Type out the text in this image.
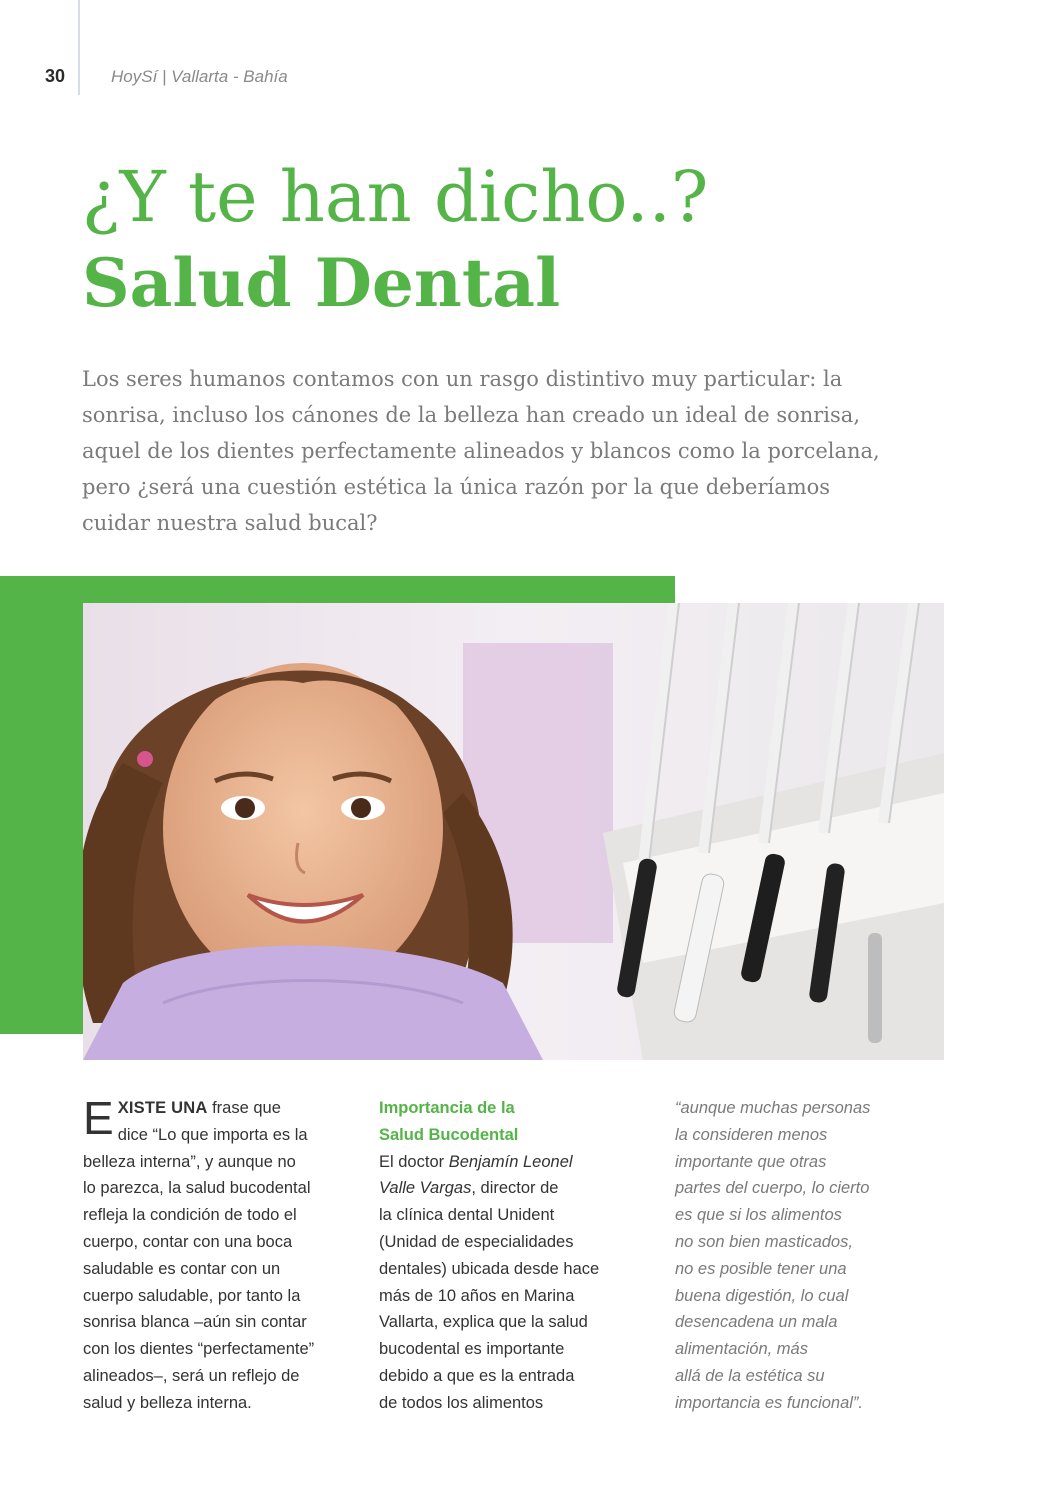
30	HoySí | Vallarta - Bahía
¿Y te han dicho..?
Salud Dental
Los seres humanos contamos con un rasgo distintivo muy particular: la
sonrisa, incluso los cánones de la belleza han creado un ideal de sonrisa,
aquel de los dientes perfectamente alineados y blancos como la porcelana,
pero ¿será una cuestión estética la única razón por la que deberíamos
cuidar nuestra salud bucal?
E XISTE UNA frase que
dice “Lo que importa es la
belleza interna”, y aunque no
lo parezca, la salud bucodental
refleja la condición de todo el
cuerpo, contar con una boca
saludable es contar con un
cuerpo saludable, por tanto la
sonrisa blanca –aún sin contar
con los dientes “perfectamente”
alineados–, será un reflejo de
salud y belleza interna.
Importancia de la
Salud Bucodental
El doctor Benjamín Leonel
Valle Vargas, director de
la clínica dental Unident
(Unidad de especialidades
dentales) ubicada desde hace
más de 10 años en Marina
Vallarta, explica que la salud
bucodental es importante
debido a que es la entrada
de todos los alimentos
“aunque muchas personas
la consideren menos
importante que otras
partes del cuerpo, lo cierto
es que si los alimentos
no son bien masticados,
no es posible tener una
buena digestión, lo cual
desencadena un mala
alimentación, más
allá de la estética su
importancia es funcional”.
